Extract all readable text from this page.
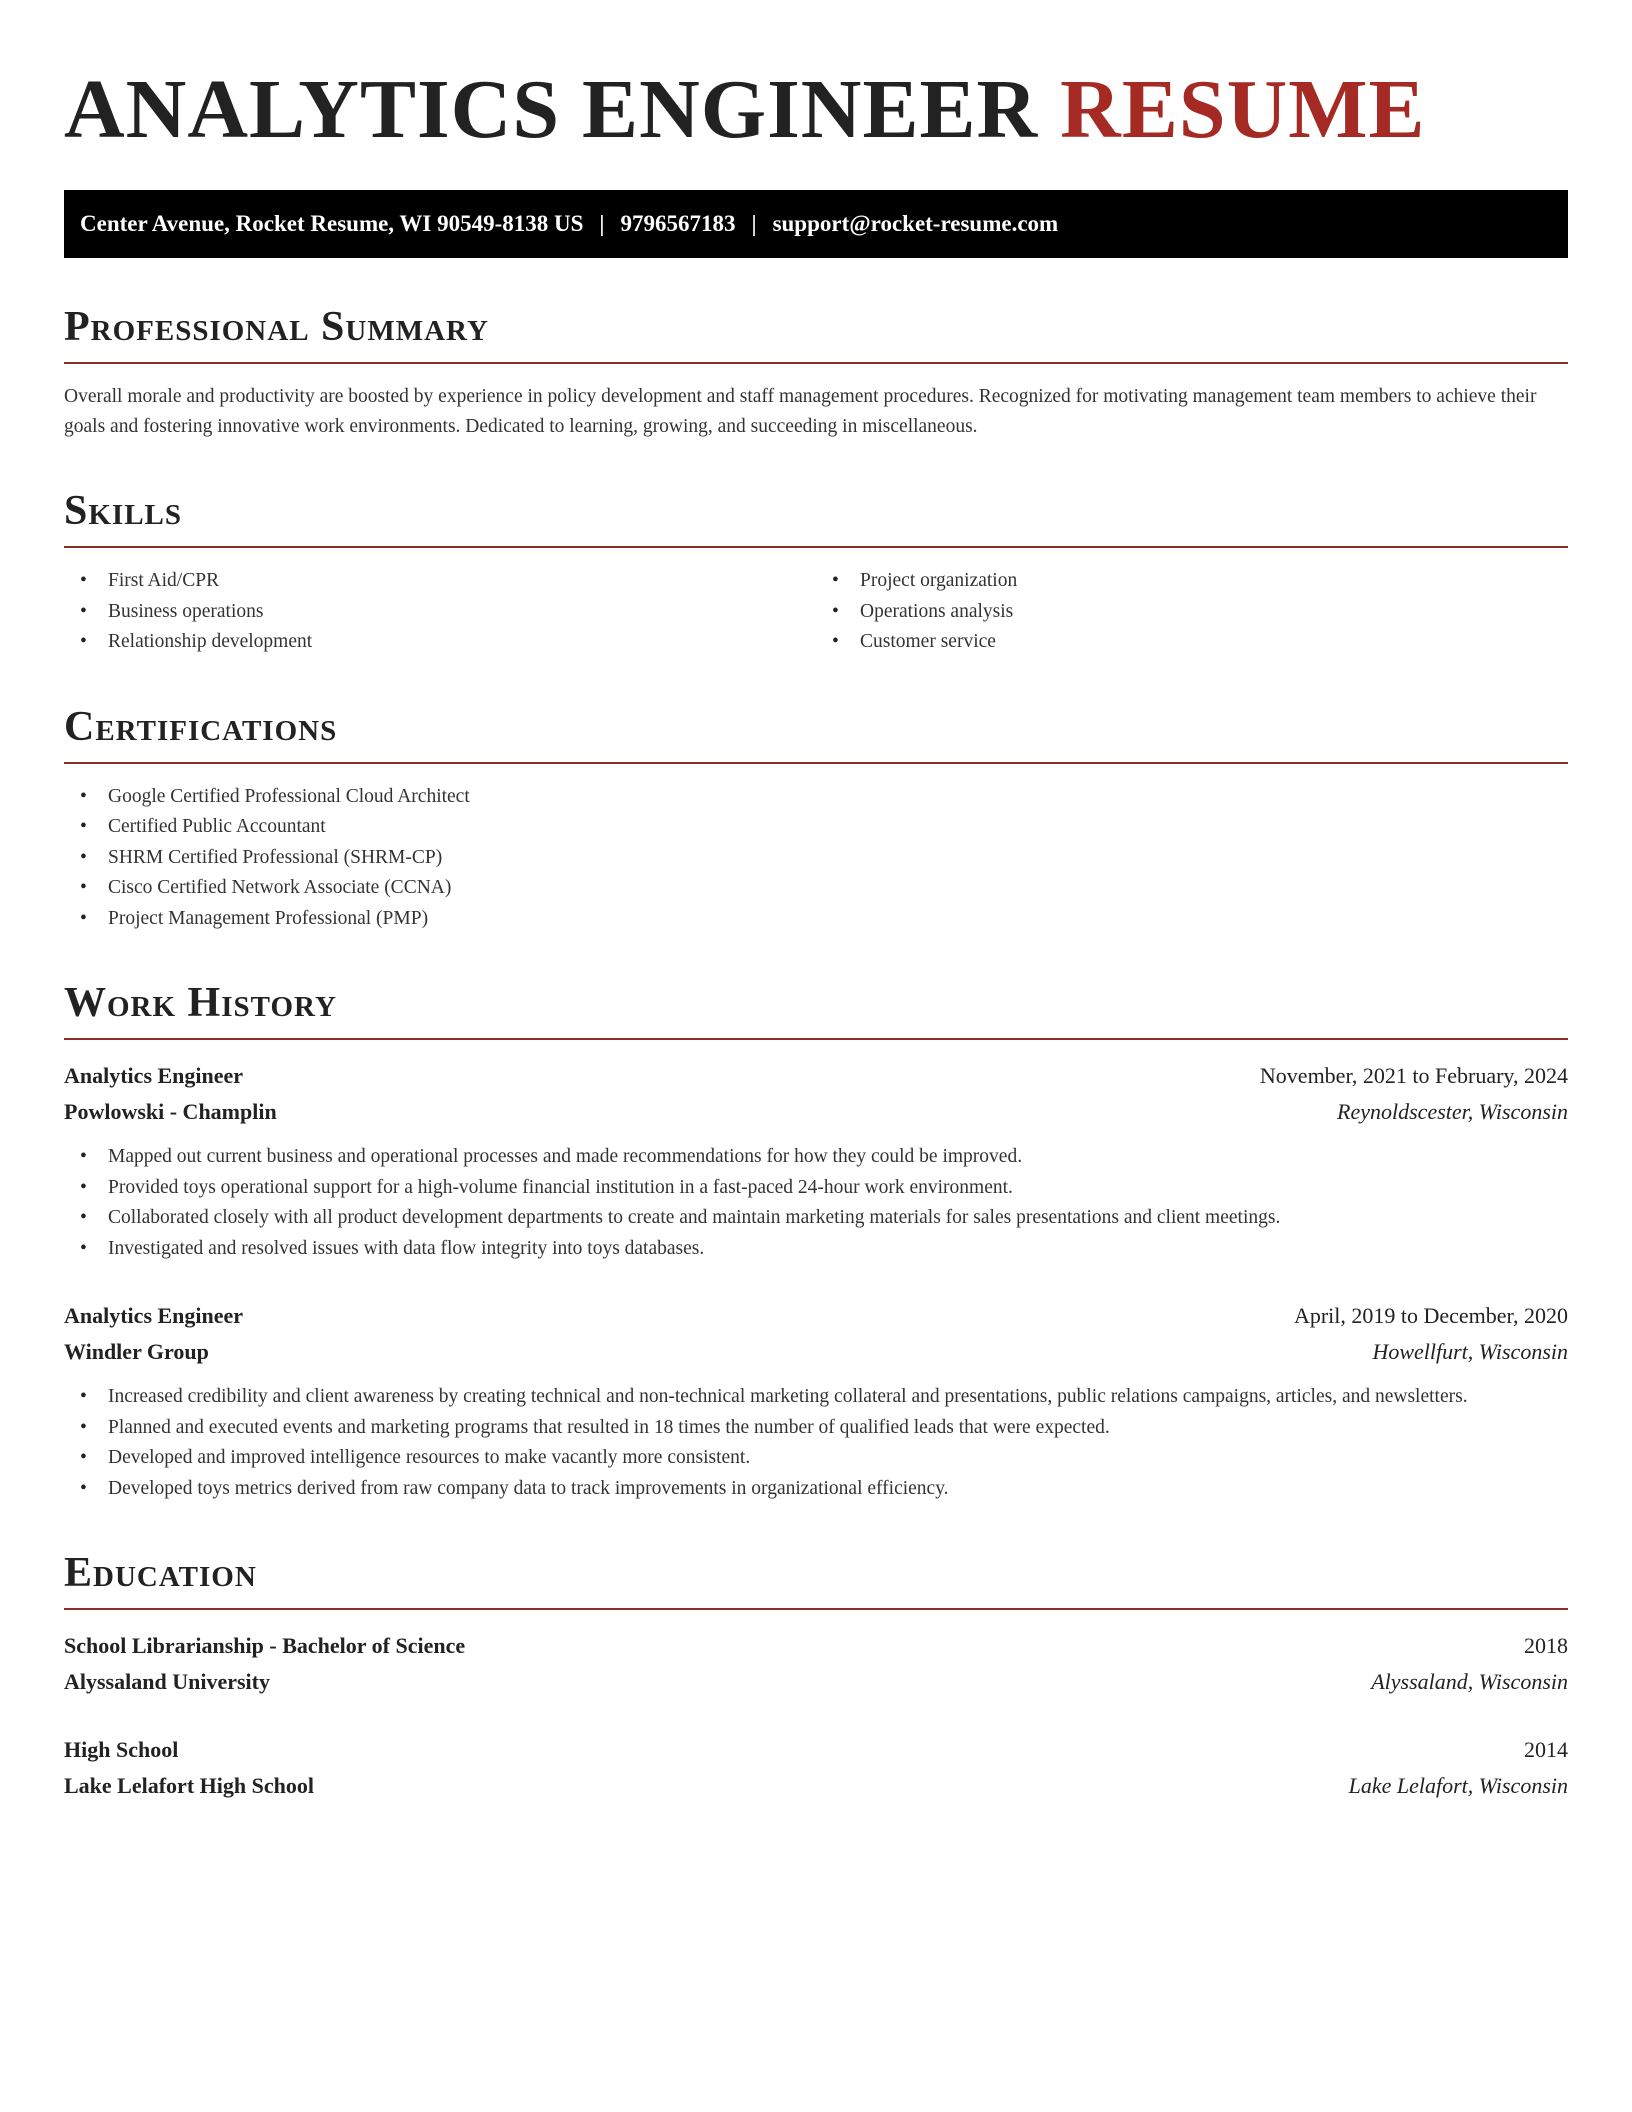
ANALYTICS ENGINEER RESUME
Center Avenue, Rocket Resume, WI 90549-8138 US | 9796567183 | support@rocket-resume.com
Professional Summary

Overall morale and productivity are boosted by experience in policy development and staff management procedures. Recognized for motivating management team members to achieve their goals and fostering innovative work environments. Dedicated to learning, growing, and succeeding in miscellaneous.

Skills
• First Aid/CPR
• Business operations
• Relationship development
• Project organization
• Operations analysis
• Customer service
Certifications
• Google Certified Professional Cloud Architect
• Certified Public Accountant
• SHRM Certified Professional (SHRM-CP)
• Cisco Certified Network Associate (CCNA)
• Project Management Professional (PMP)
Work History
Analytics Engineer	November, 2021 to February, 2024
Powlowski - Champlin	Reynoldscester, Wisconsin
• Mapped out current business and operational processes and made recommendations for how they could be improved.
• Provided toys operational support for a high-volume financial institution in a fast-paced 24-hour work environment.
• Collaborated closely with all product development departments to create and maintain marketing materials for sales presentations and client meetings.
• Investigated and resolved issues with data flow integrity into toys databases.
Analytics Engineer	April, 2019 to December, 2020
Windler Group	Howellfurt, Wisconsin
• Increased credibility and client awareness by creating technical and non-technical marketing collateral and presentations, public relations campaigns, articles, and newsletters.
• Planned and executed events and marketing programs that resulted in 18 times the number of qualified leads that were expected.
• Developed and improved intelligence resources to make vacantly more consistent.
• Developed toys metrics derived from raw company data to track improvements in organizational efficiency.
Education
School Librarianship - Bachelor of Science	2018
Alyssaland University	Alyssaland, Wisconsin
High School	2014
Lake Lelafort High School	Lake Lelafort, Wisconsin
